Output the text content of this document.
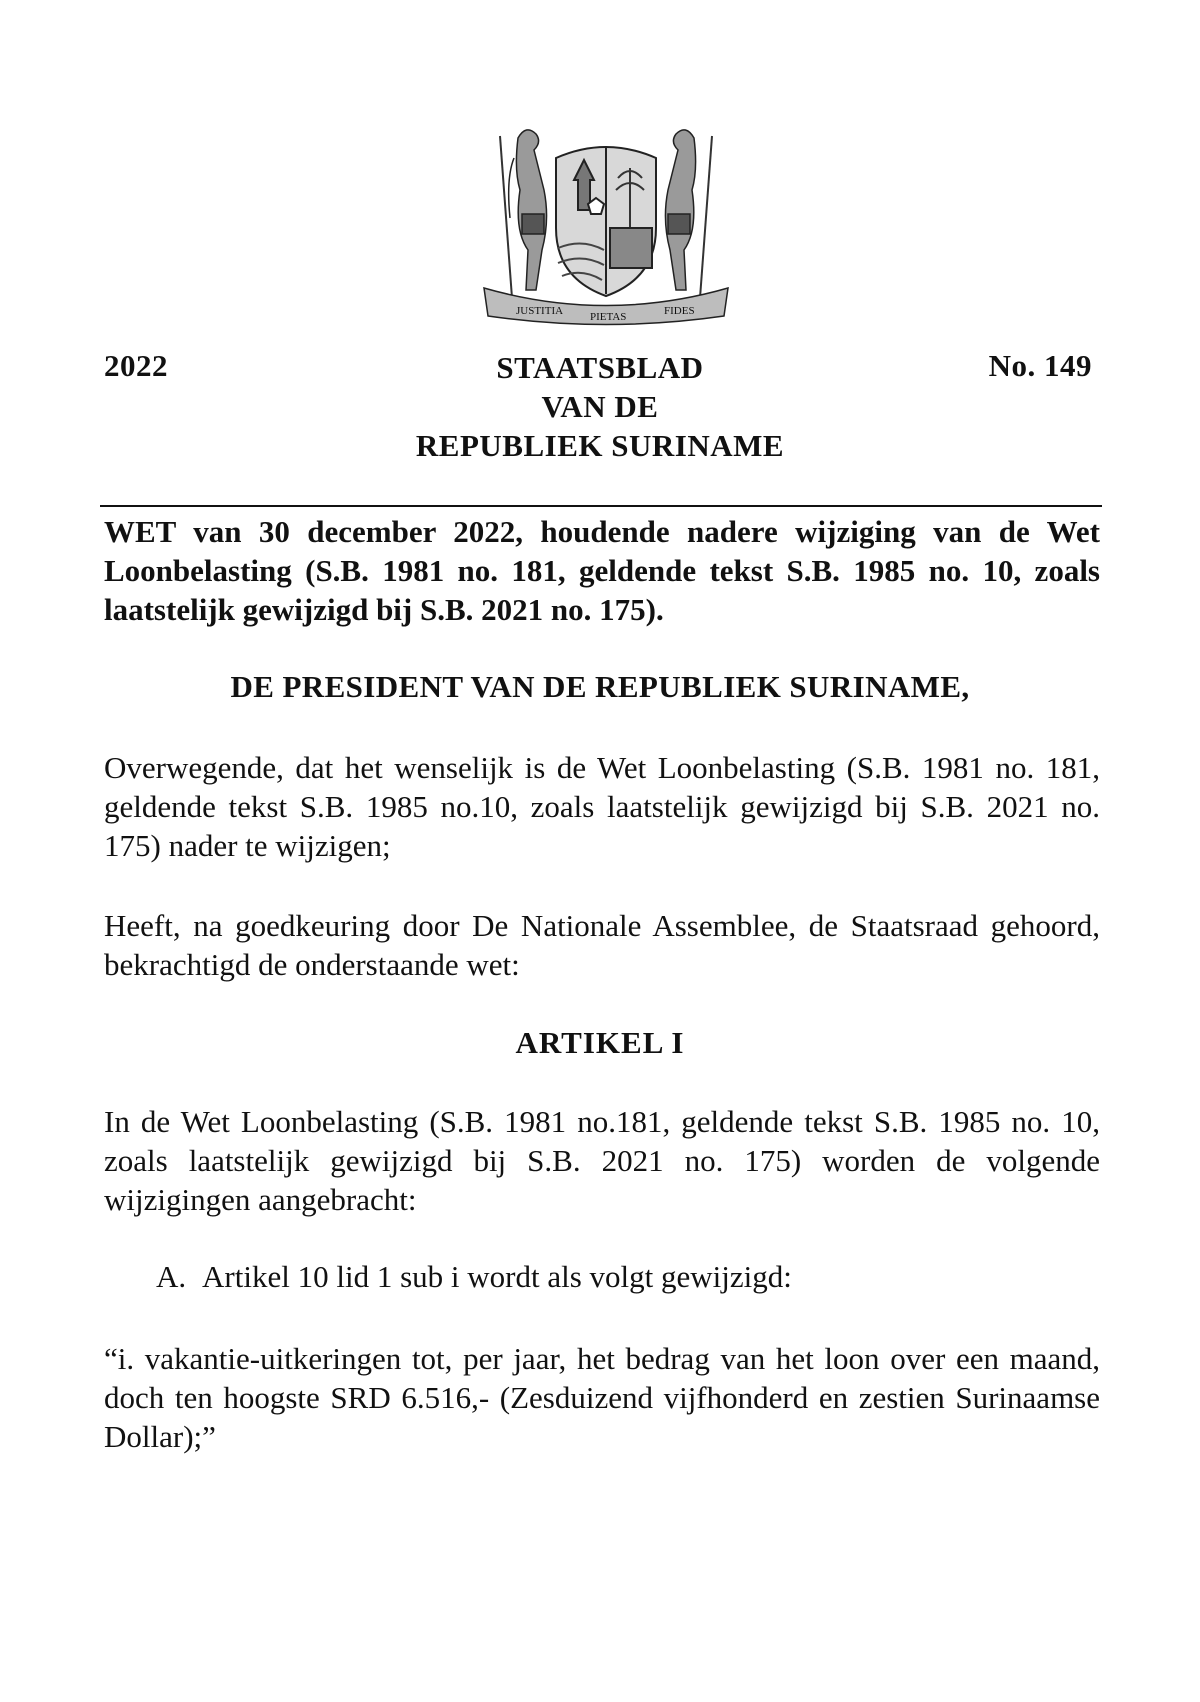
JUSTITIA PIETAS	FIDES
2022	STAATSBLAD
VAN DE
REPUBLIEK SURINAME
No. 149
WET van 30 december 2022, houdende nadere wijziging van de Wet Loonbelasting (S.B. 1981 no. 181, geldende tekst S.B. 1985 no. 10, zoals laatstelijk gewijzigd bij S.B. 2021 no. 175).
DE PRESIDENT VAN DE REPUBLIEK SURINAME,
Overwegende, dat het wenselijk is de Wet Loonbelasting (S.B. 1981 no. 181, geldende tekst S.B. 1985 no.10, zoals laatstelijk gewijzigd bij S.B. 2021 no. 175) nader te wijzigen;
Heeft, na goedkeuring door De Nationale Assemblee, de Staatsraad gehoord, bekrachtigd de onderstaande wet:
ARTIKEL I
In de Wet Loonbelasting (S.B. 1981 no.181, geldende tekst S.B. 1985 no. 10, zoals laatstelijk gewijzigd bij S.B. 2021 no. 175) worden de volgende wijzigingen aangebracht:
A. Artikel 10 lid 1 sub i wordt als volgt gewijzigd:
“i. vakantie-uitkeringen tot, per jaar, het bedrag van het loon over een maand, doch ten hoogste SRD 6.516,- (Zesduizend vijfhonderd en zestien Surinaamse Dollar);”
